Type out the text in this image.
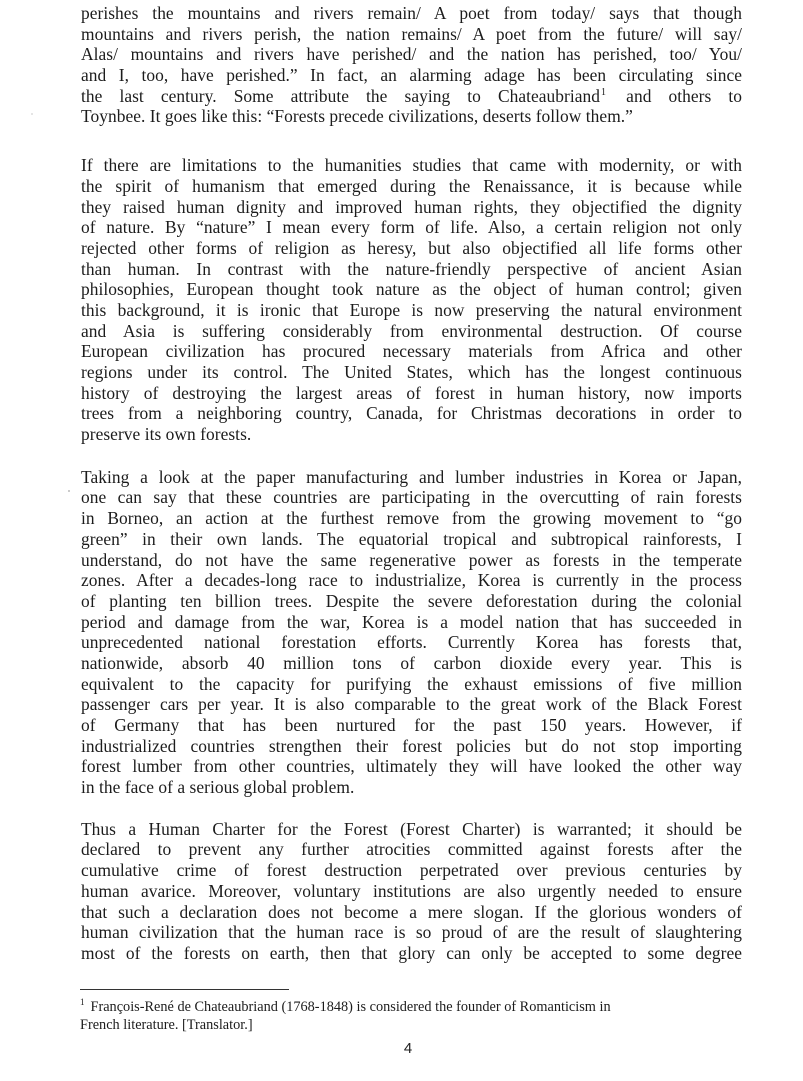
perishes the mountains and rivers remain/ A poet from today/ says that though
mountains and rivers perish, the nation remains/ A poet from the future/ will say/
Alas/ mountains and rivers have perished/ and the nation has perished, too/ You/
and I, too, have perished.” In fact, an alarming adage has been circulating since
the last century. Some attribute the saying to Chateaubriand$^1$ and others to
Toynbee. It goes like this: “Forests precede civilizations, deserts follow them.”

If there are limitations to the humanities studies that came with modernity, or with
the spirit of humanism that emerged during the Renaissance, it is because while
they raised human dignity and improved human rights, they objectified the dignity
of nature. By “nature” I mean every form of life. Also, a certain religion not only
rejected other forms of religion as heresy, but also objectified all life forms other
than human. In contrast with the nature-friendly perspective of ancient Asian
philosophies, European thought took nature as the object of human control; given
this background, it is ironic that Europe is now preserving the natural environment
and Asia is suffering considerably from environmental destruction. Of course
European civilization has procured necessary materials from Africa and other
regions under its control. The United States, which has the longest continuous
history of destroying the largest areas of forest in human history, now imports
trees from a neighboring country, Canada, for Christmas decorations in order to
preserve its own forests.

Taking a look at the paper manufacturing and lumber industries in Korea or Japan,
one can say that these countries are participating in the overcutting of rain forests
in Borneo, an action at the furthest remove from the growing movement to “go
green” in their own lands. The equatorial tropical and subtropical rainforests, I
understand, do not have the same regenerative power as forests in the temperate
zones. After a decades-long race to industrialize, Korea is currently in the process
of planting ten billion trees. Despite the severe deforestation during the colonial
period and damage from the war, Korea is a model nation that has succeeded in
unprecedented national forestation efforts. Currently Korea has forests that,
nationwide, absorb 40 million tons of carbon dioxide every year. This is
equivalent to the capacity for purifying the exhaust emissions of five million
passenger cars per year. It is also comparable to the great work of the Black Forest
of Germany that has been nurtured for the past 150 years. However, if
industrialized countries strengthen their forest policies but do not stop importing
forest lumber from other countries, ultimately they will have looked the other way
in the face of a serious global problem.

Thus a Human Charter for the Forest (Forest Charter) is warranted; it should be
declared to prevent any further atrocities committed against forests after the
cumulative crime of forest destruction perpetrated over previous centuries by
human avarice. Moreover, voluntary institutions are also urgently needed to ensure
that such a declaration does not become a mere slogan. If the glorious wonders of
human civilization that the human race is so proud of are the result of slaughtering
most of the forests on earth, then that glory can only be accepted to some degree

$^1$ François-René de Chateaubriand (1768-1848) is considered the founder of Romanticism in
French literature. [Translator.]
4
